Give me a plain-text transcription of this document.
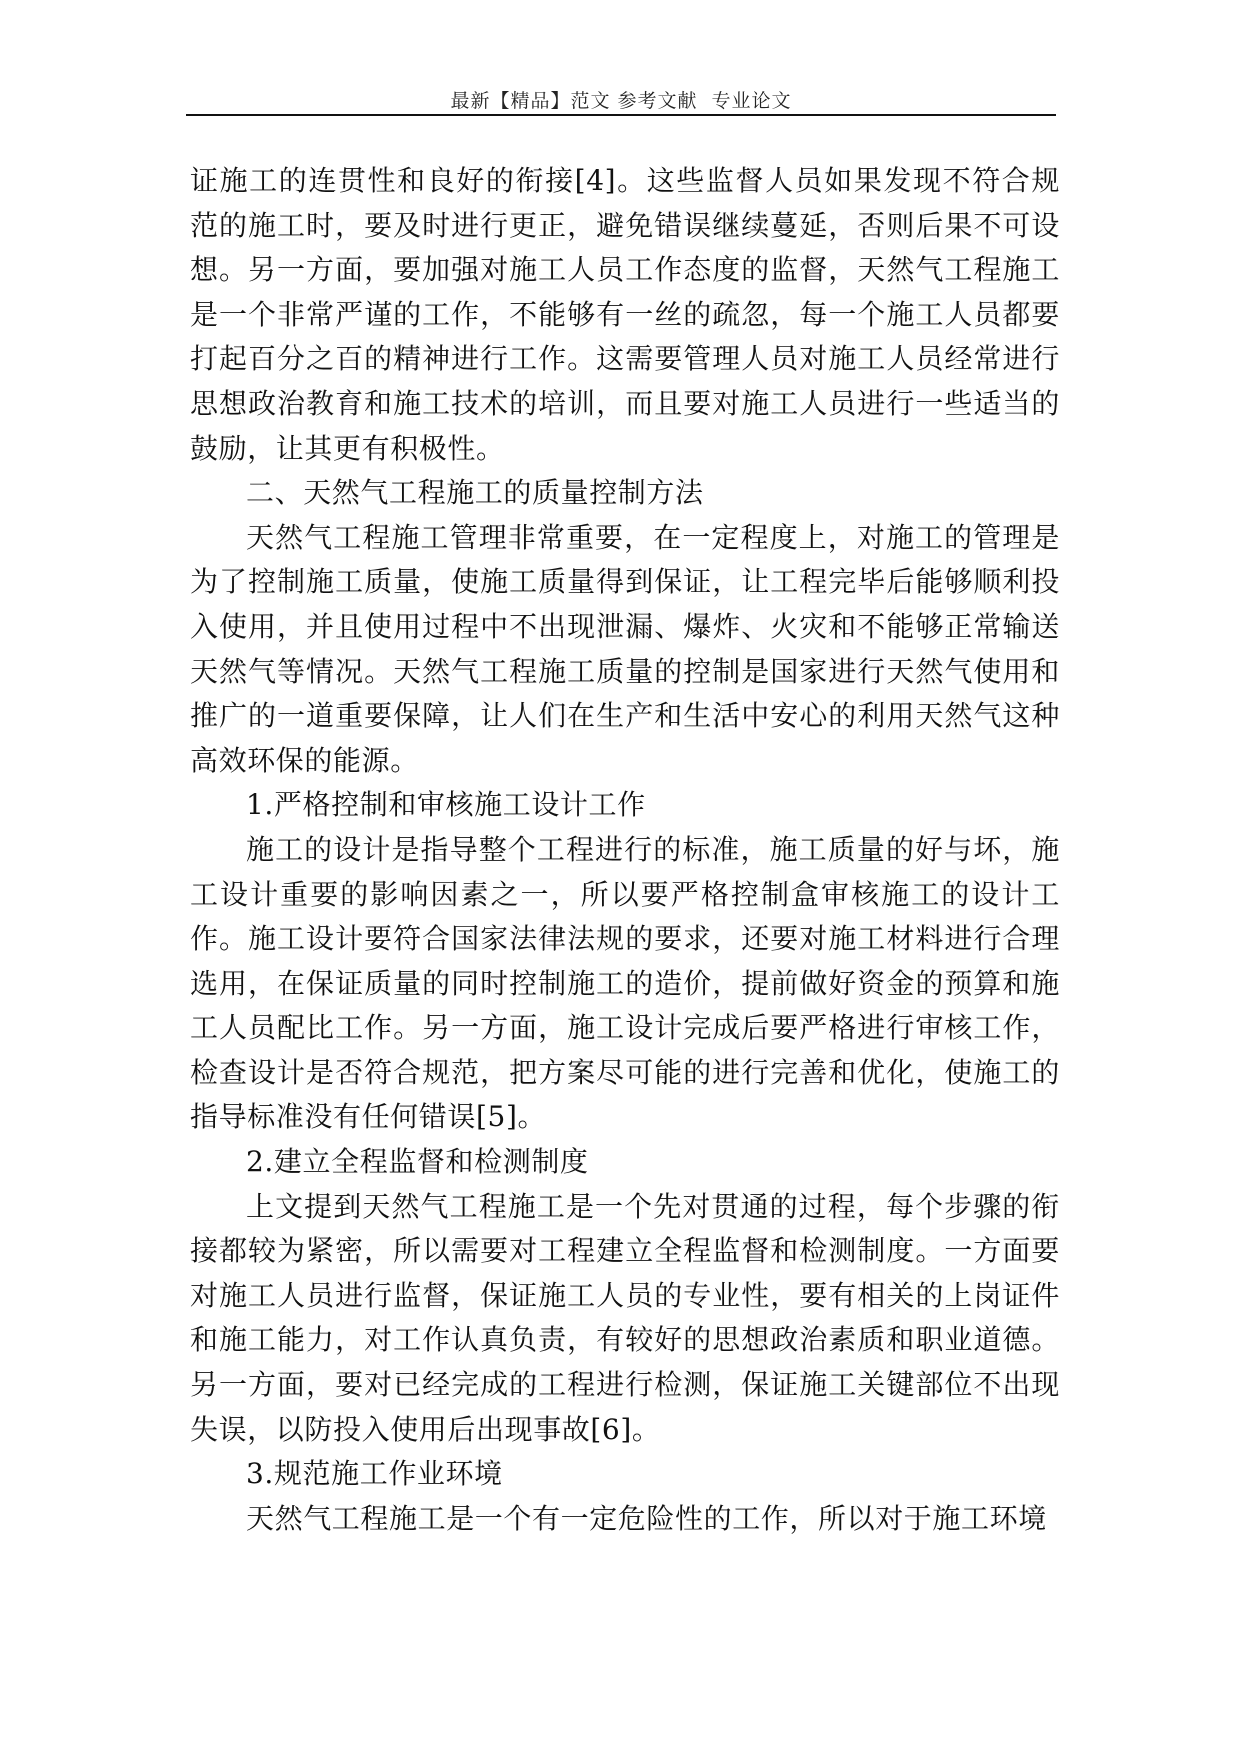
最新【精品】范文 参考文献  专业论文

证施工的连贯性和良好的衔接[4]。这些监督人员如果发现不符合规范的施工时，要及时进行更正，避免错误继续蔓延，否则后果不可设想。另一方面，要加强对施工人员工作态度的监督，天然气工程施工是一个非常严谨的工作，不能够有一丝的疏忽，每一个施工人员都要打起百分之百的精神进行工作。这需要管理人员对施工人员经常进行思想政治教育和施工技术的培训，而且要对施工人员进行一些适当的鼓励，让其更有积极性。

二、天然气工程施工的质量控制方法

天然气工程施工管理非常重要，在一定程度上，对施工的管理是为了控制施工质量，使施工质量得到保证，让工程完毕后能够顺利投入使用，并且使用过程中不出现泄漏、爆炸、火灾和不能够正常输送天然气等情况。天然气工程施工质量的控制是国家进行天然气使用和推广的一道重要保障，让人们在生产和生活中安心的利用天然气这种高效环保的能源。

1.严格控制和审核施工设计工作

施工的设计是指导整个工程进行的标准，施工质量的好与坏，施工设计重要的影响因素之一，所以要严格控制盒审核施工的设计工作。施工设计要符合国家法律法规的要求，还要对施工材料进行合理选用，在保证质量的同时控制施工的造价，提前做好资金的预算和施工人员配比工作。另一方面，施工设计完成后要严格进行审核工作，检查设计是否符合规范，把方案尽可能的进行完善和优化，使施工的指导标准没有任何错误[5]。

2.建立全程监督和检测制度

上文提到天然气工程施工是一个先对贯通的过程，每个步骤的衔接都较为紧密，所以需要对工程建立全程监督和检测制度。一方面要对施工人员进行监督，保证施工人员的专业性，要有相关的上岗证件和施工能力，对工作认真负责，有较好的思想政治素质和职业道德。另一方面，要对已经完成的工程进行检测，保证施工关键部位不出现失误，以防投入使用后出现事故[6]。

3.规范施工作业环境

天然气工程施工是一个有一定危险性的工作，所以对于施工环境
